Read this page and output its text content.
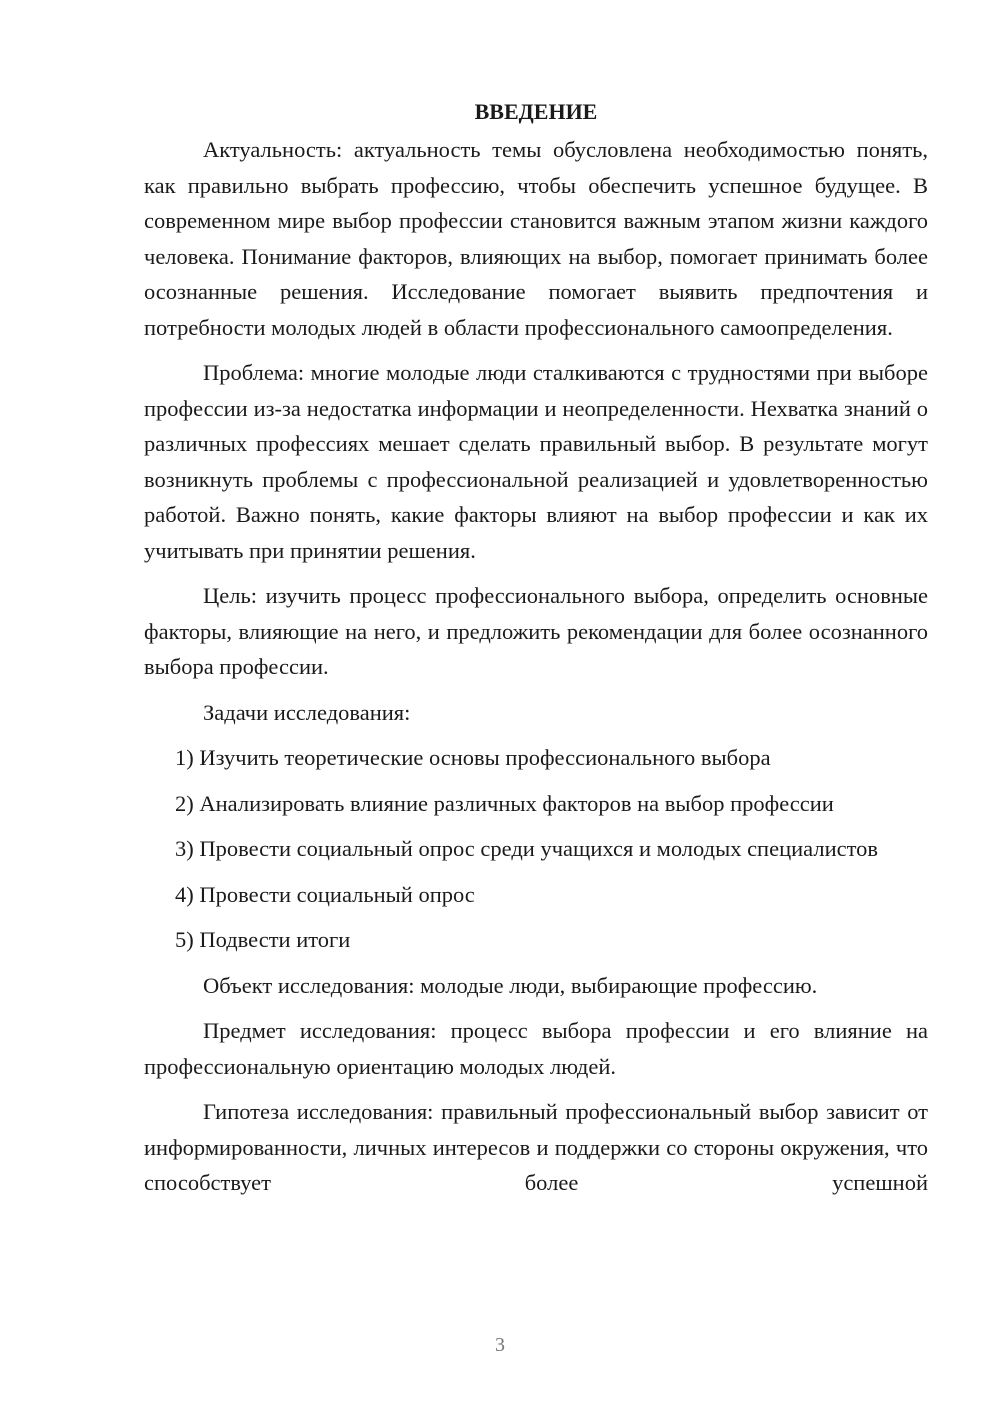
ВВЕДЕНИЕ

Актуальность: актуальность темы обусловлена необходимостью понять, как правильно выбрать профессию, чтобы обеспечить успешное будущее. В современном мире выбор профессии становится важным этапом жизни каждого человека. Понимание факторов, влияющих на выбор, помогает принимать более осознанные решения. Исследование помогает выявить предпочтения и потребности молодых людей в области профессионального самоопределения.

Проблема: многие молодые люди сталкиваются с трудностями при выборе профессии из-за недостатка информации и неопределенности. Нехватка знаний о различных профессиях мешает сделать правильный выбор. В результате могут возникнуть проблемы с профессиональной реализацией и удовлетворенностью работой. Важно понять, какие факторы влияют на выбор профессии и как их учитывать при принятии решения.

Цель: изучить процесс профессионального выбора, определить основные факторы, влияющие на него, и предложить рекомендации для более осознанного выбора профессии.

Задачи исследования:

1) Изучить теоретические основы профессионального выбора

2) Анализировать влияние различных факторов на выбор профессии

3) Провести социальный опрос среди учащихся и молодых специалистов

4) Провести социальный опрос

5) Подвести итоги

Объект исследования: молодые люди, выбирающие профессию.

Предмет исследования: процесс выбора профессии и его влияние на профессиональную ориентацию молодых людей.

Гипотеза исследования: правильный профессиональный выбор зависит от информированности, личных интересов и поддержки со стороны окружения, что способствует более успешной

3
